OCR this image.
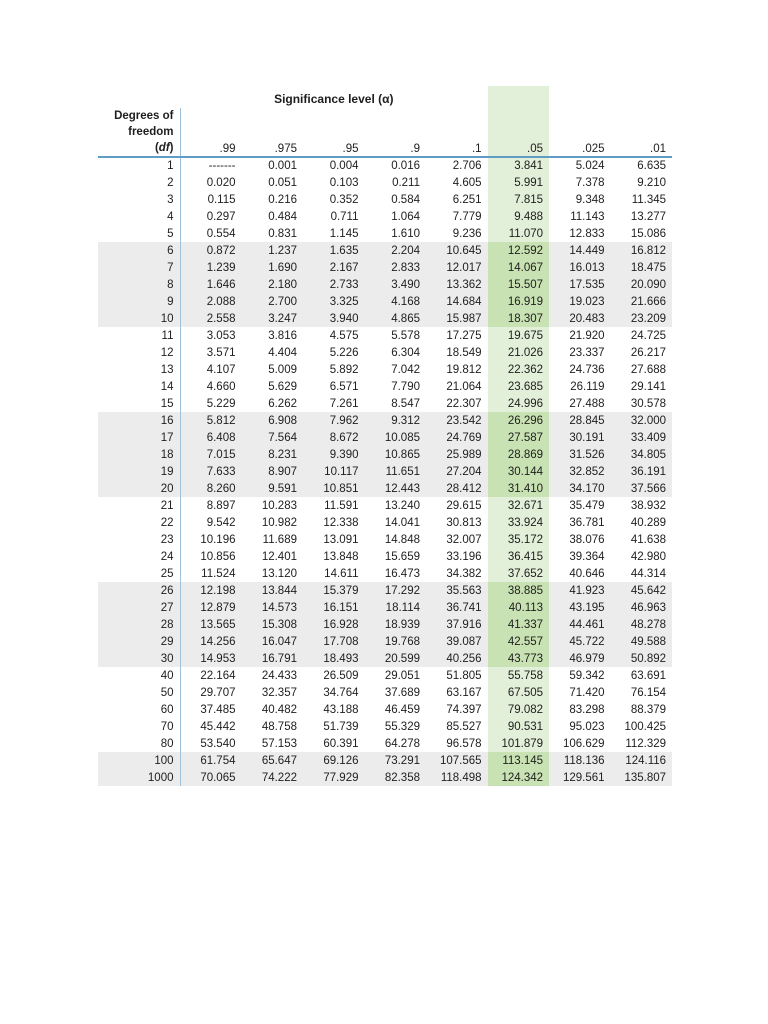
	Significance level (α)							

Degrees of
freedom
(df)	.99	.975	.95	.9	.1	.05	.025	.01

1	-------	0.001	0.004	0.016	2.706	3.841	5.024	6.635
2	0.020	0.051	0.103	0.211	4.605	5.991	7.378	9.210
3	0.115	0.216	0.352	0.584	6.251	7.815	9.348	11.345
4	0.297	0.484	0.711	1.064	7.779	9.488	11.143	13.277
5	0.554	0.831	1.145	1.610	9.236	11.070	12.833	15.086
6	0.872	1.237	1.635	2.204	10.645	12.592	14.449	16.812
7	1.239	1.690	2.167	2.833	12.017	14.067	16.013	18.475
8	1.646	2.180	2.733	3.490	13.362	15.507	17.535	20.090
9	2.088	2.700	3.325	4.168	14.684	16.919	19.023	21.666
10	2.558	3.247	3.940	4.865	15.987	18.307	20.483	23.209
11	3.053	3.816	4.575	5.578	17.275	19.675	21.920	24.725
12	3.571	4.404	5.226	6.304	18.549	21.026	23.337	26.217
13	4.107	5.009	5.892	7.042	19.812	22.362	24.736	27.688
14	4.660	5.629	6.571	7.790	21.064	23.685	26.119	29.141
15	5.229	6.262	7.261	8.547	22.307	24.996	27.488	30.578
16	5.812	6.908	7.962	9.312	23.542	26.296	28.845	32.000
17	6.408	7.564	8.672	10.085	24.769	27.587	30.191	33.409
18	7.015	8.231	9.390	10.865	25.989	28.869	31.526	34.805
19	7.633	8.907	10.117	11.651	27.204	30.144	32.852	36.191
20	8.260	9.591	10.851	12.443	28.412	31.410	34.170	37.566
21	8.897	10.283	11.591	13.240	29.615	32.671	35.479	38.932
22	9.542	10.982	12.338	14.041	30.813	33.924	36.781	40.289
23	10.196	11.689	13.091	14.848	32.007	35.172	38.076	41.638
24	10.856	12.401	13.848	15.659	33.196	36.415	39.364	42.980
25	11.524	13.120	14.611	16.473	34.382	37.652	40.646	44.314
26	12.198	13.844	15.379	17.292	35.563	38.885	41.923	45.642
27	12.879	14.573	16.151	18.114	36.741	40.113	43.195	46.963
28	13.565	15.308	16.928	18.939	37.916	41.337	44.461	48.278
29	14.256	16.047	17.708	19.768	39.087	42.557	45.722	49.588
30	14.953	16.791	18.493	20.599	40.256	43.773	46.979	50.892
40	22.164	24.433	26.509	29.051	51.805	55.758	59.342	63.691
50	29.707	32.357	34.764	37.689	63.167	67.505	71.420	76.154
60	37.485	40.482	43.188	46.459	74.397	79.082	83.298	88.379
70	45.442	48.758	51.739	55.329	85.527	90.531	95.023	100.425
80	53.540	57.153	60.391	64.278	96.578	101.879	106.629	112.329
100	61.754	65.647	69.126	73.291	107.565	113.145	118.136	124.116
1000	70.065	74.222	77.929	82.358	118.498	124.342	129.561	135.807
